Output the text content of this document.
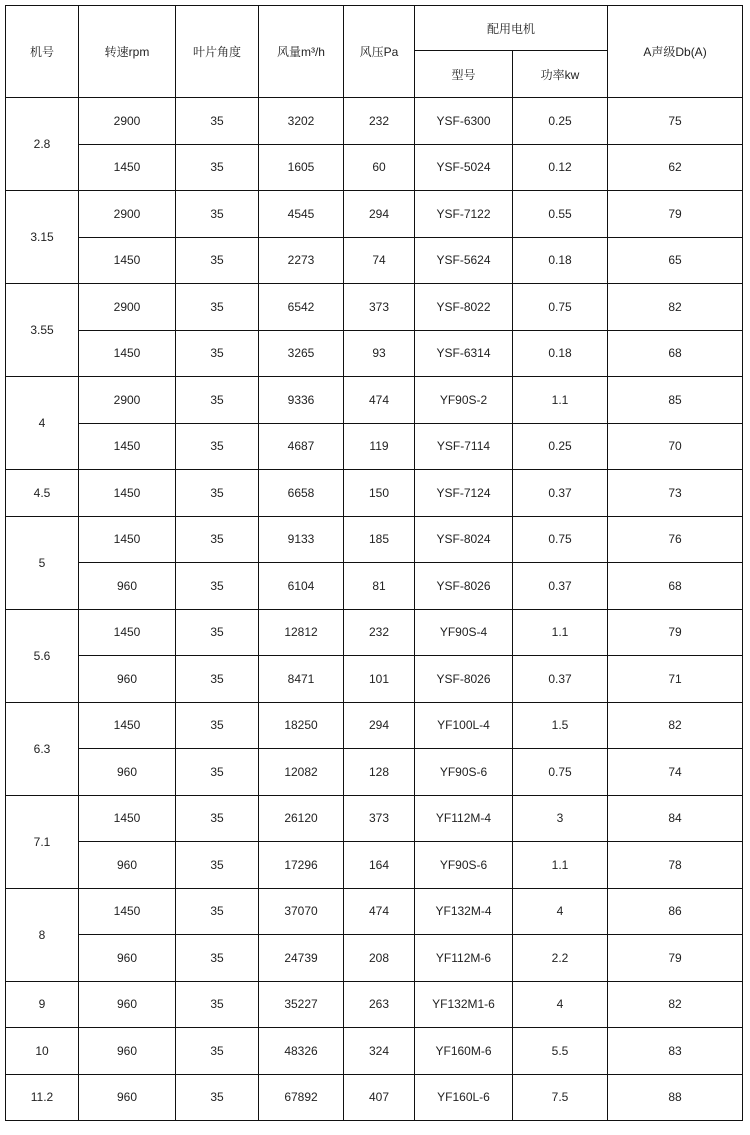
机号	转速rpm	叶片角度	风量m³/h	风压Pa	配用电机		A声级Db(A)
					型号	功率kw	
2.8	2900	35	3202	232	YSF-6300	0.25	75
	1450	35	1605	60	YSF-5024	0.12	62
3.15	2900	35	4545	294	YSF-7122	0.55	79
	1450	35	2273	74	YSF-5624	0.18	65
3.55	2900	35	6542	373	YSF-8022	0.75	82
	1450	35	3265	93	YSF-6314	0.18	68
4	2900	35	9336	474	YF90S-2	1.1	85
	1450	35	4687	119	YSF-7114	0.25	70
4.5	1450	35	6658	150	YSF-7124	0.37	73
5	1450	35	9133	185	YSF-8024	0.75	76
	960	35	6104	81	YSF-8026	0.37	68
5.6	1450	35	12812	232	YF90S-4	1.1	79
	960	35	8471	101	YSF-8026	0.37	71
6.3	1450	35	18250	294	YF100L-4	1.5	82
	960	35	12082	128	YF90S-6	0.75	74
7.1	1450	35	26120	373	YF112M-4	3	84
	960	35	17296	164	YF90S-6	1.1	78
8	1450	35	37070	474	YF132M-4	4	86
	960	35	24739	208	YF112M-6	2.2	79
9	960	35	35227	263	YF132M1-6	4	82
10	960	35	48326	324	YF160M-6	5.5	83
11.2	960	35	67892	407	YF160L-6	7.5	88
